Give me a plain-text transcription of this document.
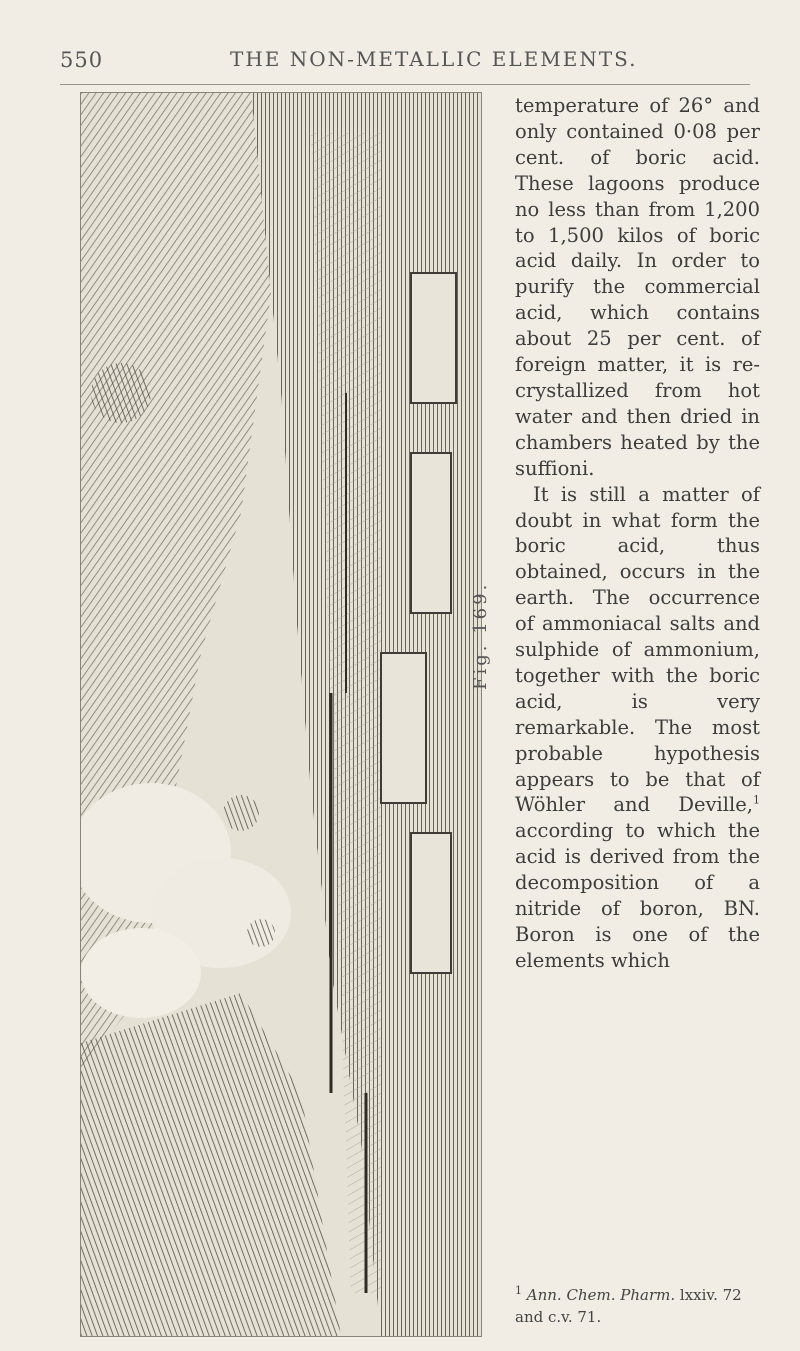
550	THE NON-METALLIC ELEMENTS.
Fig. 169.

temperature of 26° and only contained 0·08 per cent. of boric acid. These lagoons produce no less than from 1,200 to 1,500 kilos of boric acid daily. In order to purify the commercial acid, which contains about 25 per cent. of foreign matter, it is re-crystallized from hot water and then dried in chambers heated by the suffioni.

It is still a matter of doubt in what form the boric acid, thus obtained, occurs in the earth. The occurrence of ammoniacal salts and sulphide of ammonium, together with the boric acid, is very remarkable. The most probable hypothesis appears to be that of Wöhler and Deville,$^1$ according to which the acid is derived from the decomposition of a nitride of boron, BN. Boron is one of the elements which

$^1$ Ann. Chem. Pharm. lxxiv. 72 and c.v. 71.
